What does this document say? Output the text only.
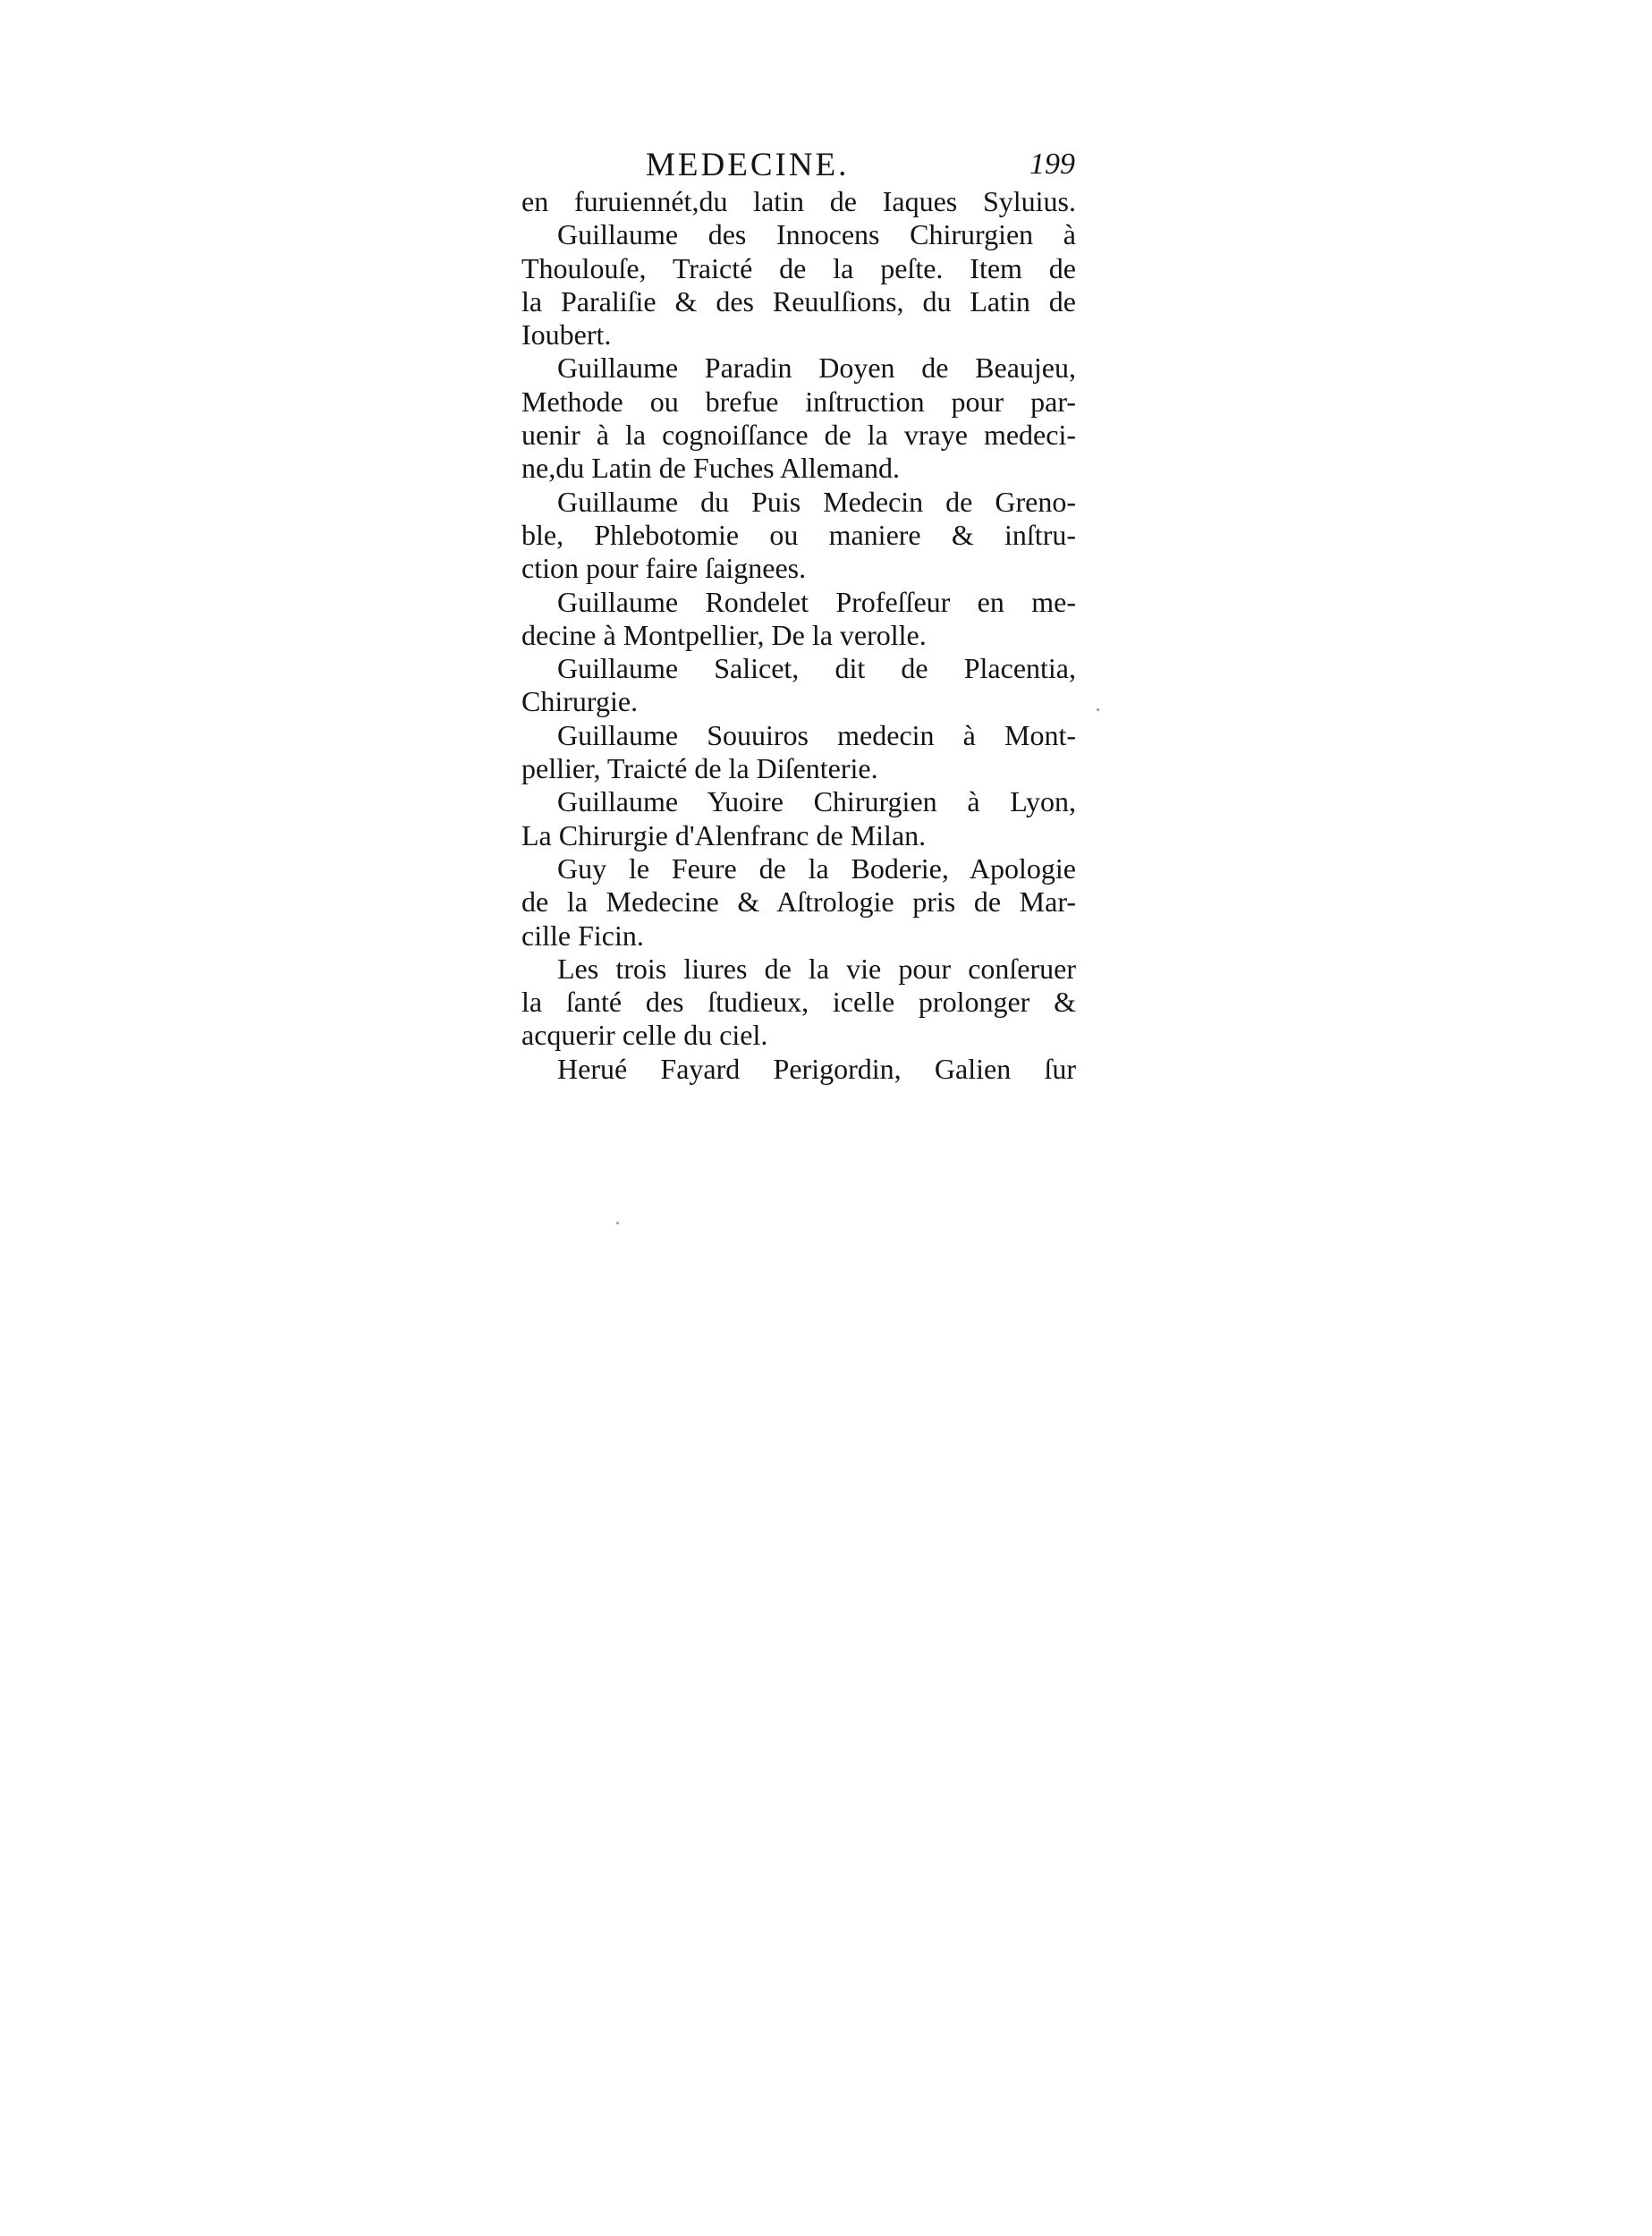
MEDECINE.	199
en furuiennét,du latin de Iaques Syluius.
Guillaume des Innocens Chirurgien à
Thoulouſe, Traicté de la peſte. Item de
la Paraliſie & des Reuulſions, du Latin de
Ioubert.
Guillaume Paradin Doyen de Beaujeu,
Methode ou brefue inſtruction pour par-
uenir à la cognoiſſance de la vraye medeci-
ne,du Latin de Fuches Allemand.
Guillaume du Puis Medecin de Greno-
ble, Phlebotomie ou maniere & inſtru-
ction pour faire ſaignees.
Guillaume Rondelet Profeſſeur en me-
decine à Montpellier, De la verolle.
Guillaume Salicet, dit de Placentia,
Chirurgie.
Guillaume Souuiros medecin à Mont-
pellier, Traicté de la Diſenterie.
Guillaume Yuoire Chirurgien à Lyon,
La Chirurgie d'Alenfranc de Milan.
Guy le Feure de la Boderie, Apologie
de la Medecine & Aſtrologie pris de Mar-
cille Ficin.
Les trois liures de la vie pour conſeruer
la ſanté des ſtudieux, icelle prolonger &
acquerir celle du ciel.
Herué Fayard Perigordin, Galien ſur
